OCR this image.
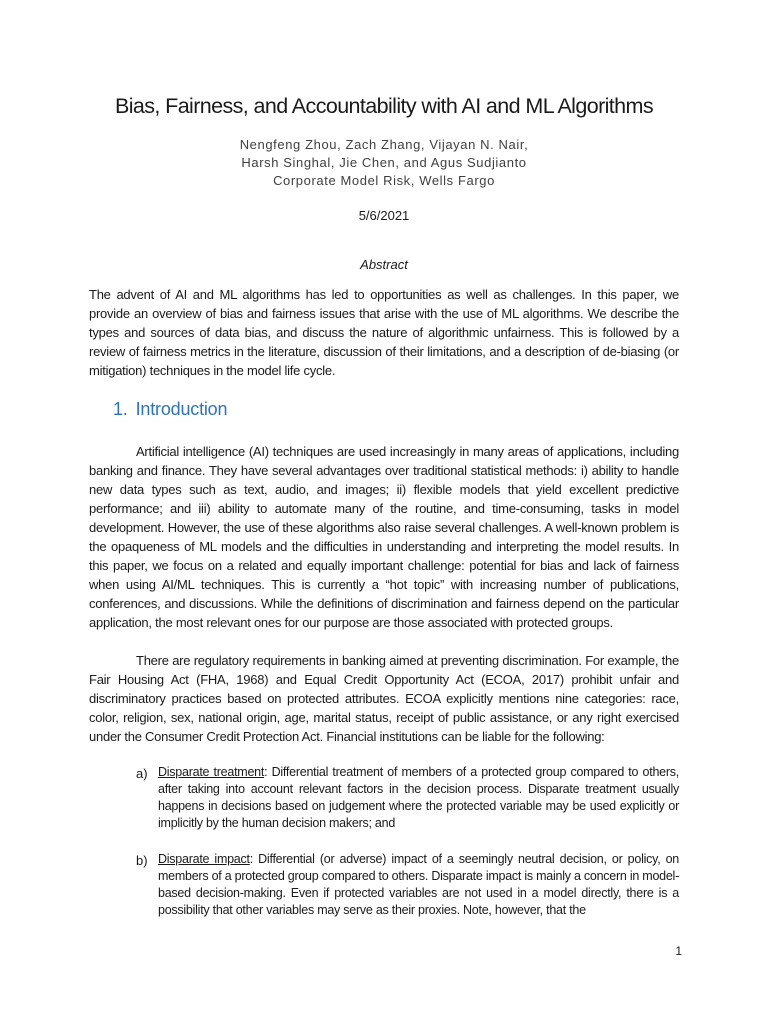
Bias, Fairness, and Accountability with AI and ML Algorithms
Nengfeng Zhou, Zach Zhang, Vijayan N. Nair,
Harsh Singhal, Jie Chen, and Agus Sudjianto
Corporate Model Risk, Wells Fargo
5/6/2021
Abstract

The advent of AI and ML algorithms has led to opportunities as well as challenges. In this paper, we provide an overview of bias and fairness issues that arise with the use of ML algorithms. We describe the types and sources of data bias, and discuss the nature of algorithmic unfairness. This is followed by a review of fairness metrics in the literature, discussion of their limitations, and a description of de-biasing (or mitigation) techniques in the model life cycle.

1. Introduction

Artificial intelligence (AI) techniques are used increasingly in many areas of applications, including banking and finance. They have several advantages over traditional statistical methods: i) ability to handle new data types such as text, audio, and images; ii) flexible models that yield excellent predictive performance; and iii) ability to automate many of the routine, and time-consuming, tasks in model development. However, the use of these algorithms also raise several challenges. A well-known problem is the opaqueness of ML models and the difficulties in understanding and interpreting the model results. In this paper, we focus on a related and equally important challenge: potential for bias and lack of fairness when using AI/ML techniques. This is currently a “hot topic” with increasing number of publications, conferences, and discussions. While the definitions of discrimination and fairness depend on the particular application, the most relevant ones for our purpose are those associated with protected groups.

There are regulatory requirements in banking aimed at preventing discrimination. For example, the Fair Housing Act (FHA, 1968) and Equal Credit Opportunity Act (ECOA, 2017) prohibit unfair and discriminatory practices based on protected attributes. ECOA explicitly mentions nine categories: race, color, religion, sex, national origin, age, marital status, receipt of public assistance, or any right exercised under the Consumer Credit Protection Act. Financial institutions can be liable for the following:

a) Disparate treatment: Differential treatment of members of a protected group compared to others, after taking into account relevant factors in the decision process. Disparate treatment usually happens in decisions based on judgement where the protected variable may be used explicitly or implicitly by the human decision makers; and
b) Disparate impact: Differential (or adverse) impact of a seemingly neutral decision, or policy, on members of a protected group compared to others. Disparate impact is mainly a concern in model-based decision-making. Even if protected variables are not used in a model directly, there is a possibility that other variables may serve as their proxies. Note, however, that the
1
